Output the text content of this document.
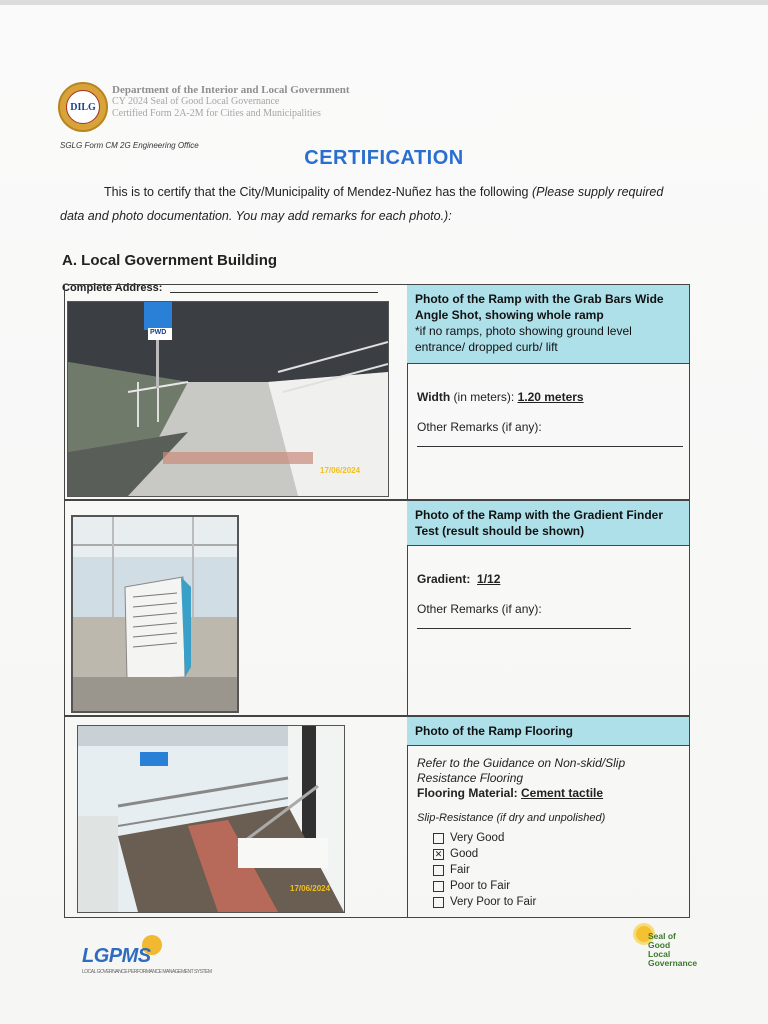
DILG
Department of the Interior and Local Government
CY 2024 Seal of Good Local Governance
Certified Form 2A-2M for Cities and Municipalities
SGLG Form CM 2G Engineering Office
CERTIFICATION
This is to certify that the City/Municipality of Mendez-Nuñez has the following (Please supply required data and photo documentation. You may add remarks for each photo.):
A. Local Government Building
Complete Address:
17/06/2024
PWD
Photo of the Ramp with the Grab Bars Wide Angle Shot, showing whole ramp
*if no ramps, photo showing ground level entrance/ dropped curb/ lift
Width (in meters): 1.20 meters
Other Remarks (if any):
Photo of the Ramp with the Gradient Finder Test (result should be shown)
Gradient: 1/12
Other Remarks (if any):
17/06/2024
Photo of the Ramp Flooring
Refer to the Guidance on Non-skid/Slip Resistance Flooring
Flooring Material: Cement tactile
Slip-Resistance (if dry and unpolished)
Very Good
✕ Good
Fair
Poor to Fair
Very Poor to Fair
LGPMS
LOCAL GOVERNANCE PERFORMANCE MANAGEMENT SYSTEM
Seal of
Good
Local
Governance
